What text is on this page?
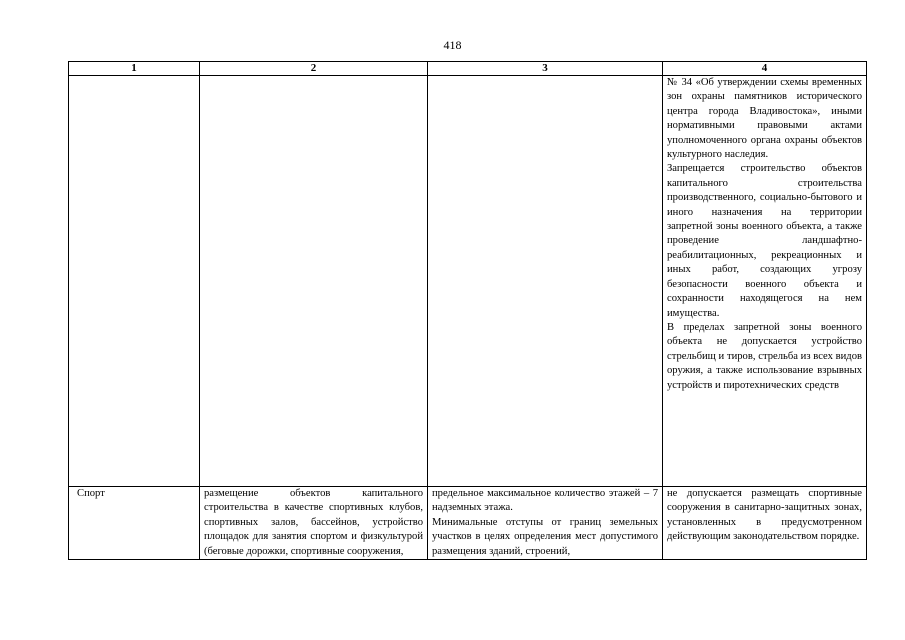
418
1	2	3	4

			№ 34 «Об утверждении схемы временных зон охраны памятников исторического центра города Владивостока», иными нормативными правовыми актами уполномоченного органа охраны объектов культурного наследия.
Запрещается строительство объектов капитального строительства производственного, социально-бытового и иного назначения на территории запретной зоны военного объекта, а также проведение ландшафтно-реабилитационных, рекреационных и иных работ, создающих угрозу безопасности военного объекта и сохранности находящегося на нем имущества.
В пределах запретной зоны военного объекта не допускается устройство стрельбищ и тиров, стрельба из всех видов оружия, а также использование взрывных устройств и пиротехнических средств

Спорт	размещение объектов капитального строительства в качестве спортивных клубов, спортивных залов, бассейнов, устройство площадок для занятия спортом и физкультурой (беговые дорожки, спортивные сооружения,	предельное максимальное количество этажей – 7 надземных этажа.
Минимальные отступы от границ земельных участков в целях определения мест допустимого размещения зданий, строений,	не допускается размещать спортивные сооружения в санитарно-защитных зонах, установленных в предусмотренном действующим законодательством порядке.
